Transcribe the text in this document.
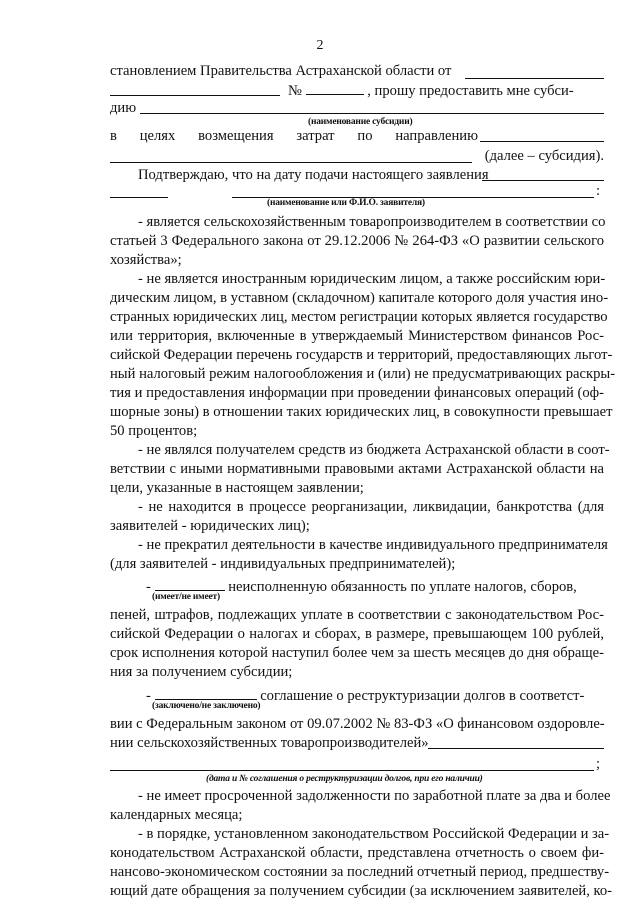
2
становлением Правительства Астраханской области от
№	, прошу предоставить мне субси-
дию
(наименование субсидии)
в целях возмещения затрат по направлению
(далее – субсидия).
Подтверждаю, что на дату подачи настоящего заявления
:
(наименование или Ф.И.О. заявителя)
- является сельскохозяйственным товаропроизводителем в соответствии со
статьей 3 Федерального закона от 29.12.2006 № 264-ФЗ «О развитии сельского
хозяйства»;
- не является иностранным юридическим лицом, а также российским юри-
дическим лицом, в уставном (складочном) капитале которого доля участия ино-
странных юридических лиц, местом регистрации которых является государство
или территория, включенные в утверждаемый Министерством финансов Рос-
сийской Федерации перечень государств и территорий, предоставляющих льгот-
ный налоговый режим налогообложения и (или) не предусматривающих раскры-
тия и предоставления информации при проведении финансовых операций (оф-
шорные зоны) в отношении таких юридических лиц, в совокупности превышает
50 процентов;
- не являлся получателем средств из бюджета Астраханской области в соот-
ветствии с иными нормативными правовыми актами Астраханской области на
цели, указанные в настоящем заявлении;
- не находится в процессе реорганизации, ликвидации, банкротства (для
заявителей - юридических лиц);
- не прекратил деятельности в качестве индивидуального предпринимателя
(для заявителей - индивидуальных предпринимателей);
-	неисполненную обязанность по уплате налогов, сборов,
(имеет/не имеет)
пеней, штрафов, подлежащих уплате в соответствии с законодательством Рос-
сийской Федерации о налогах и сборах, в размере, превышающем 100 рублей,
срок исполнения которой наступил более чем за шесть месяцев до дня обраще-
ния за получением субсидии;
-	соглашение о реструктуризации долгов в соответст-
(заключено/не заключено)
вии с Федеральным законом от 09.07.2002 № 83-ФЗ «О финансовом оздоровле-
нии сельскохозяйственных товаропроизводителей»
;
(дата и № соглашения о реструктуризации долгов, при его наличии)
- не имеет просроченной задолженности по заработной плате за два и более
календарных месяца;
- в порядке, установленном законодательством Российской Федерации и за-
конодательством Астраханской области, представлена отчетность о своем фи-
нансово-экономическом состоянии за последний отчетный период, предшеству-
ющий дате обращения за получением субсидии (за исключением заявителей, ко-
